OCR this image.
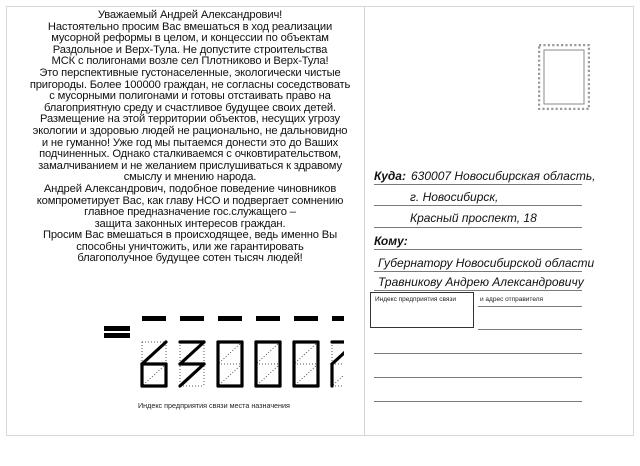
Уважаемый Андрей Александрович!

Настоятельно просим Вас вмешаться в ход реализации

мусорной реформы в целом, и концессии по объектам

Раздольное и Верх-Тула. Не допустите строительства

МСК с полигонами возле сел Плотниково и Верх-Тула!

Это перспективные густонаселенные, экологически чистые

пригороды. Более 100000 граждан, не согласны соседствовать

с мусорными полигонами и готовы отстаивать право на

благоприятную среду и счастливое будущее своих детей.

Размещение на этой территории объектов, несущих угрозу

экологии и здоровью людей не рационально, не дальновидно

и не гуманно! Уже год мы пытаемся донести это до Ваших

подчиненных. Однако сталкиваемся с очковтирательством,

замалчиванием и не желанием прислушиваться к здравому

смыслу и мнению народа.

Андрей Александрович, подобное поведение чиновников

компрометирует Вас, как главу НСО и подвергает сомнению

главное предназначение гос.служащего –

защита законных интересов граждан.

Просим Вас вмешаться в происходящее, ведь именно Вы

способны уничтожить, или же гарантировать

благополучное будущее сотен тысяч людей!

Куда: 630007 Новосибирская область,
г. Новосибирск,
Красный проспект, 18
Кому:
Губернатору Новосибирской области
Травникову Андрею Александровичу
Индекс предприятия связи	и адрес отправителя
Индекс предприятия связи места назначения
